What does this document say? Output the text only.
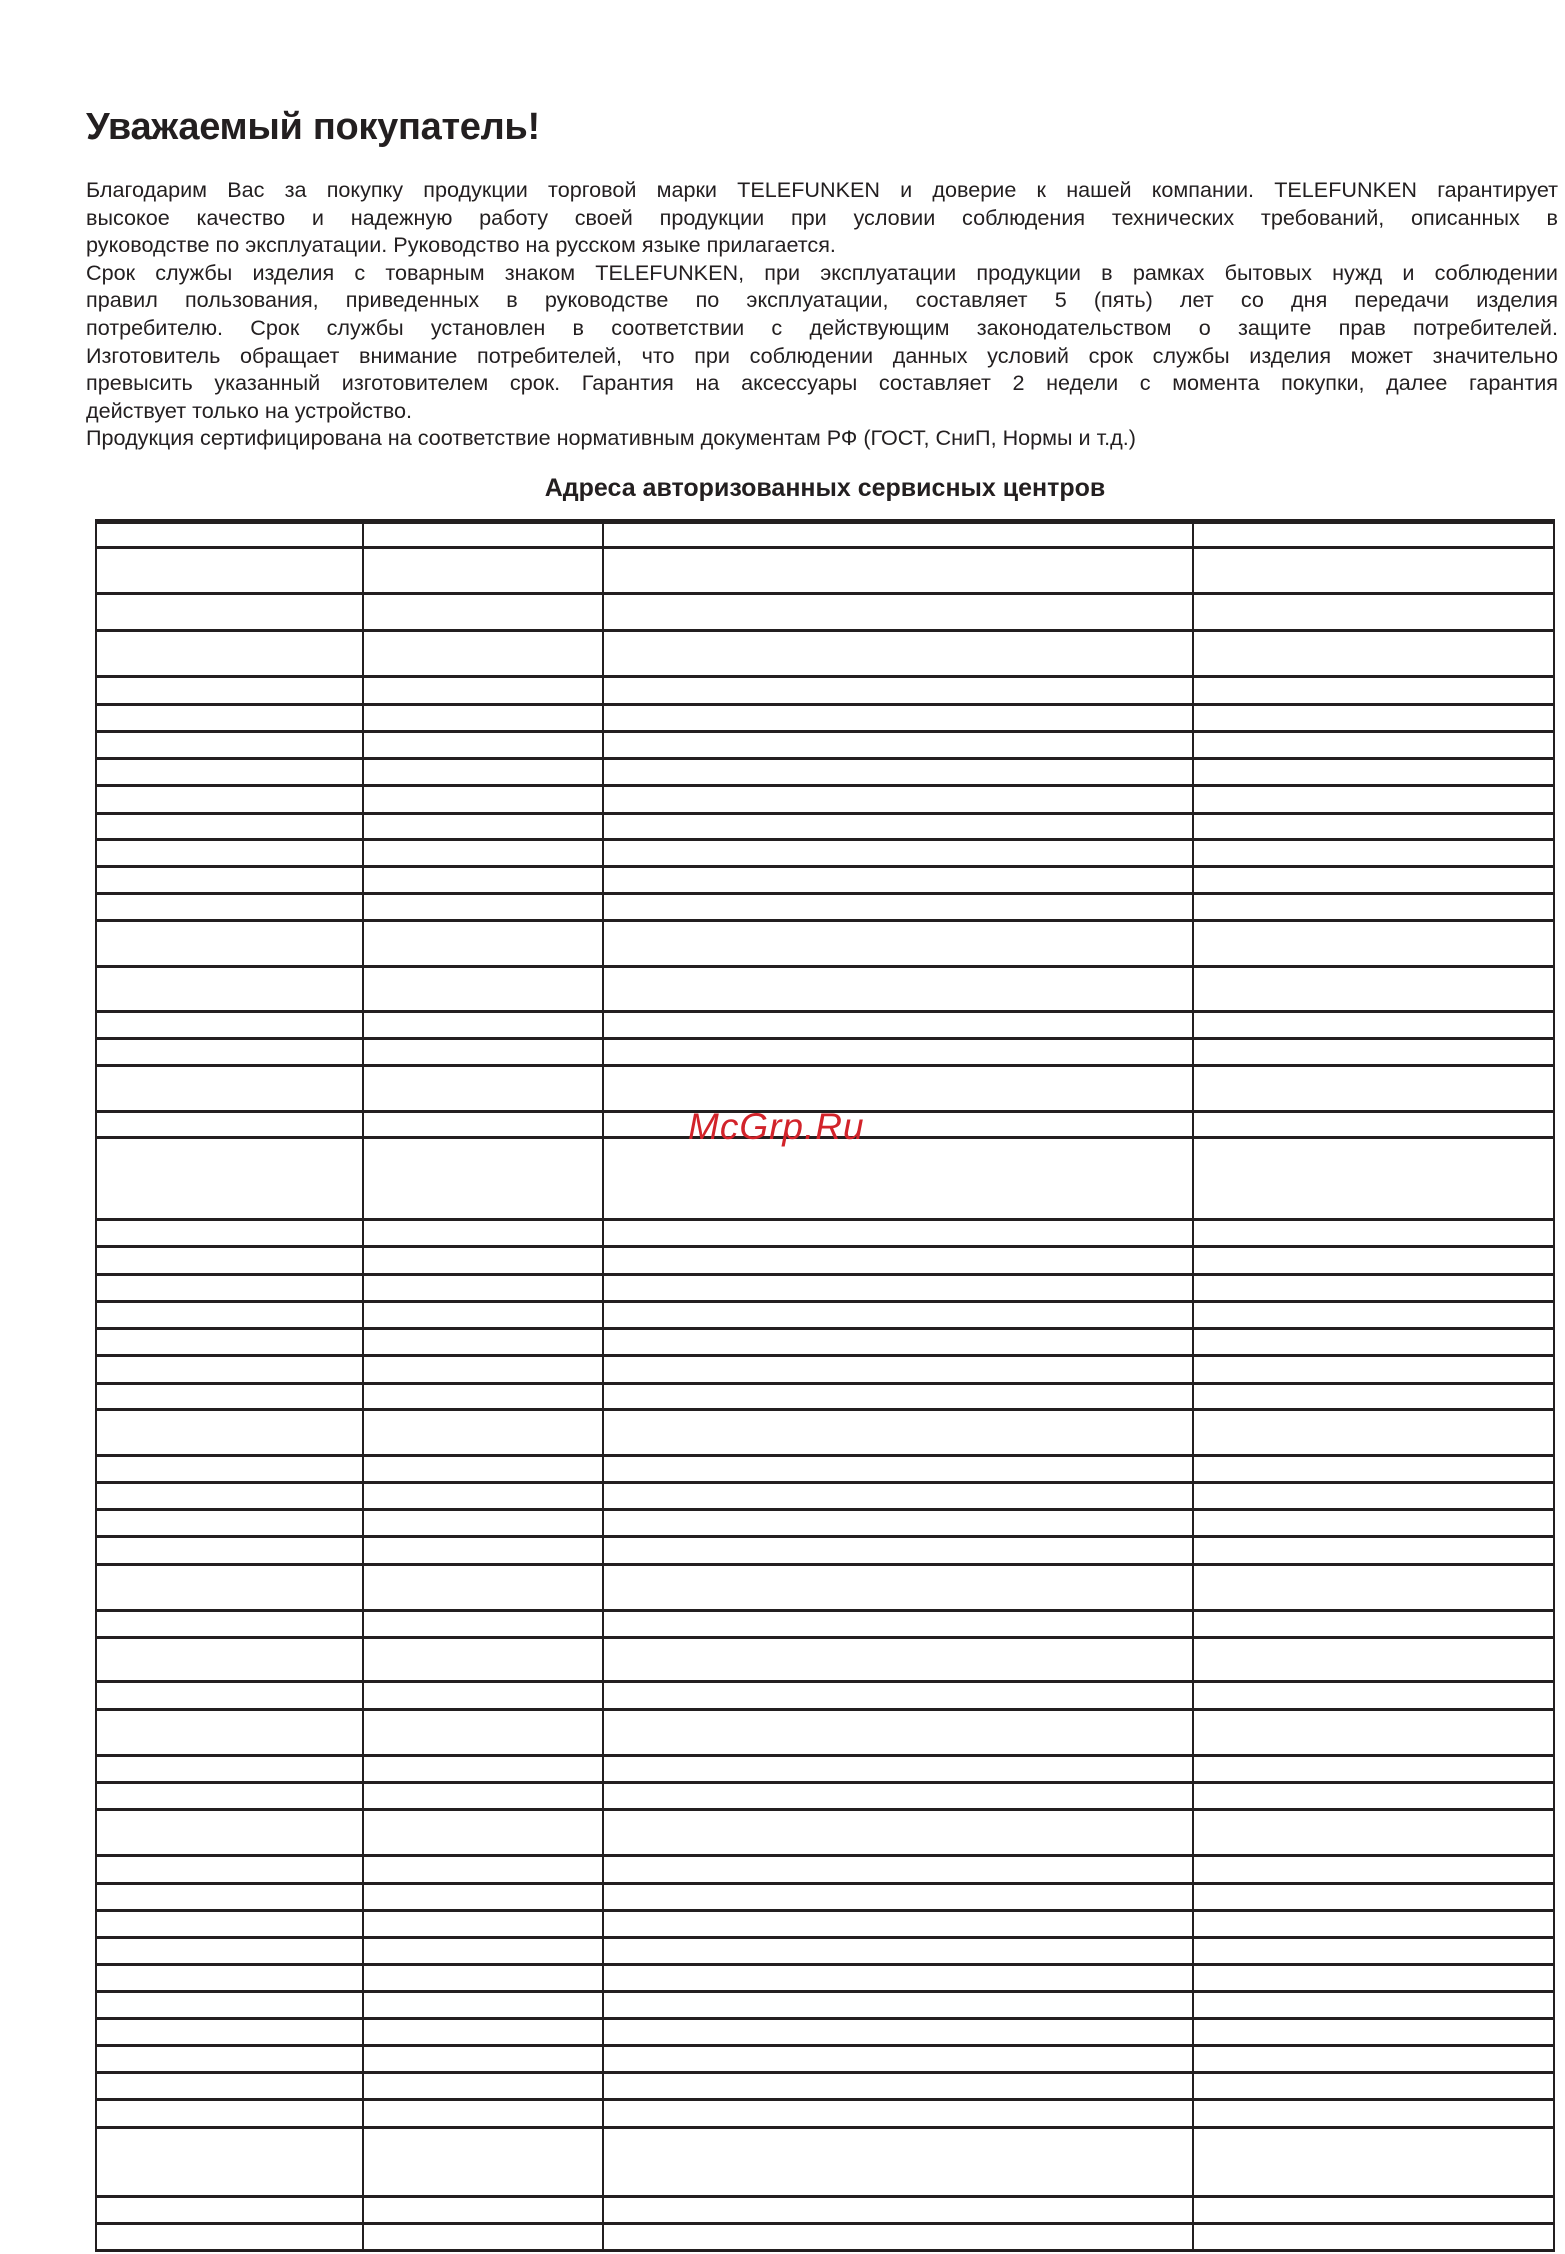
Уважаемый покупатель!
Благодарим Вас за покупку продукции торговой марки TELEFUNKEN и доверие к нашей компании. TELEFUNKEN гарантирует
высокое качество и надежную работу своей продукции при условии соблюдения технических требований, описанных в
руководстве по эксплуатации. Руководство на русском языке прилагается.
Срок службы изделия с товарным знаком TELEFUNKEN, при эксплуатации продукции в рамках бытовых нужд и соблюдении
правил пользования, приведенных в руководстве по эксплуатации, составляет 5 (пять) лет со дня передачи изделия
потребителю. Срок службы установлен в соответствии с действующим законодательством о защите прав потребителей.
Изготовитель обращает внимание потребителей, что при соблюдении данных условий срок службы изделия может значительно
превысить указанный изготовителем срок. Гарантия на аксессуары составляет 2 недели с момента покупки, далее гарантия
действует только на устройство.
Продукция сертифицирована на соответствие нормативным документам РФ (ГОСТ, СниП, Нормы и т.д.)
Адреса авторизованных сервисных центров
McGrp.Ru
